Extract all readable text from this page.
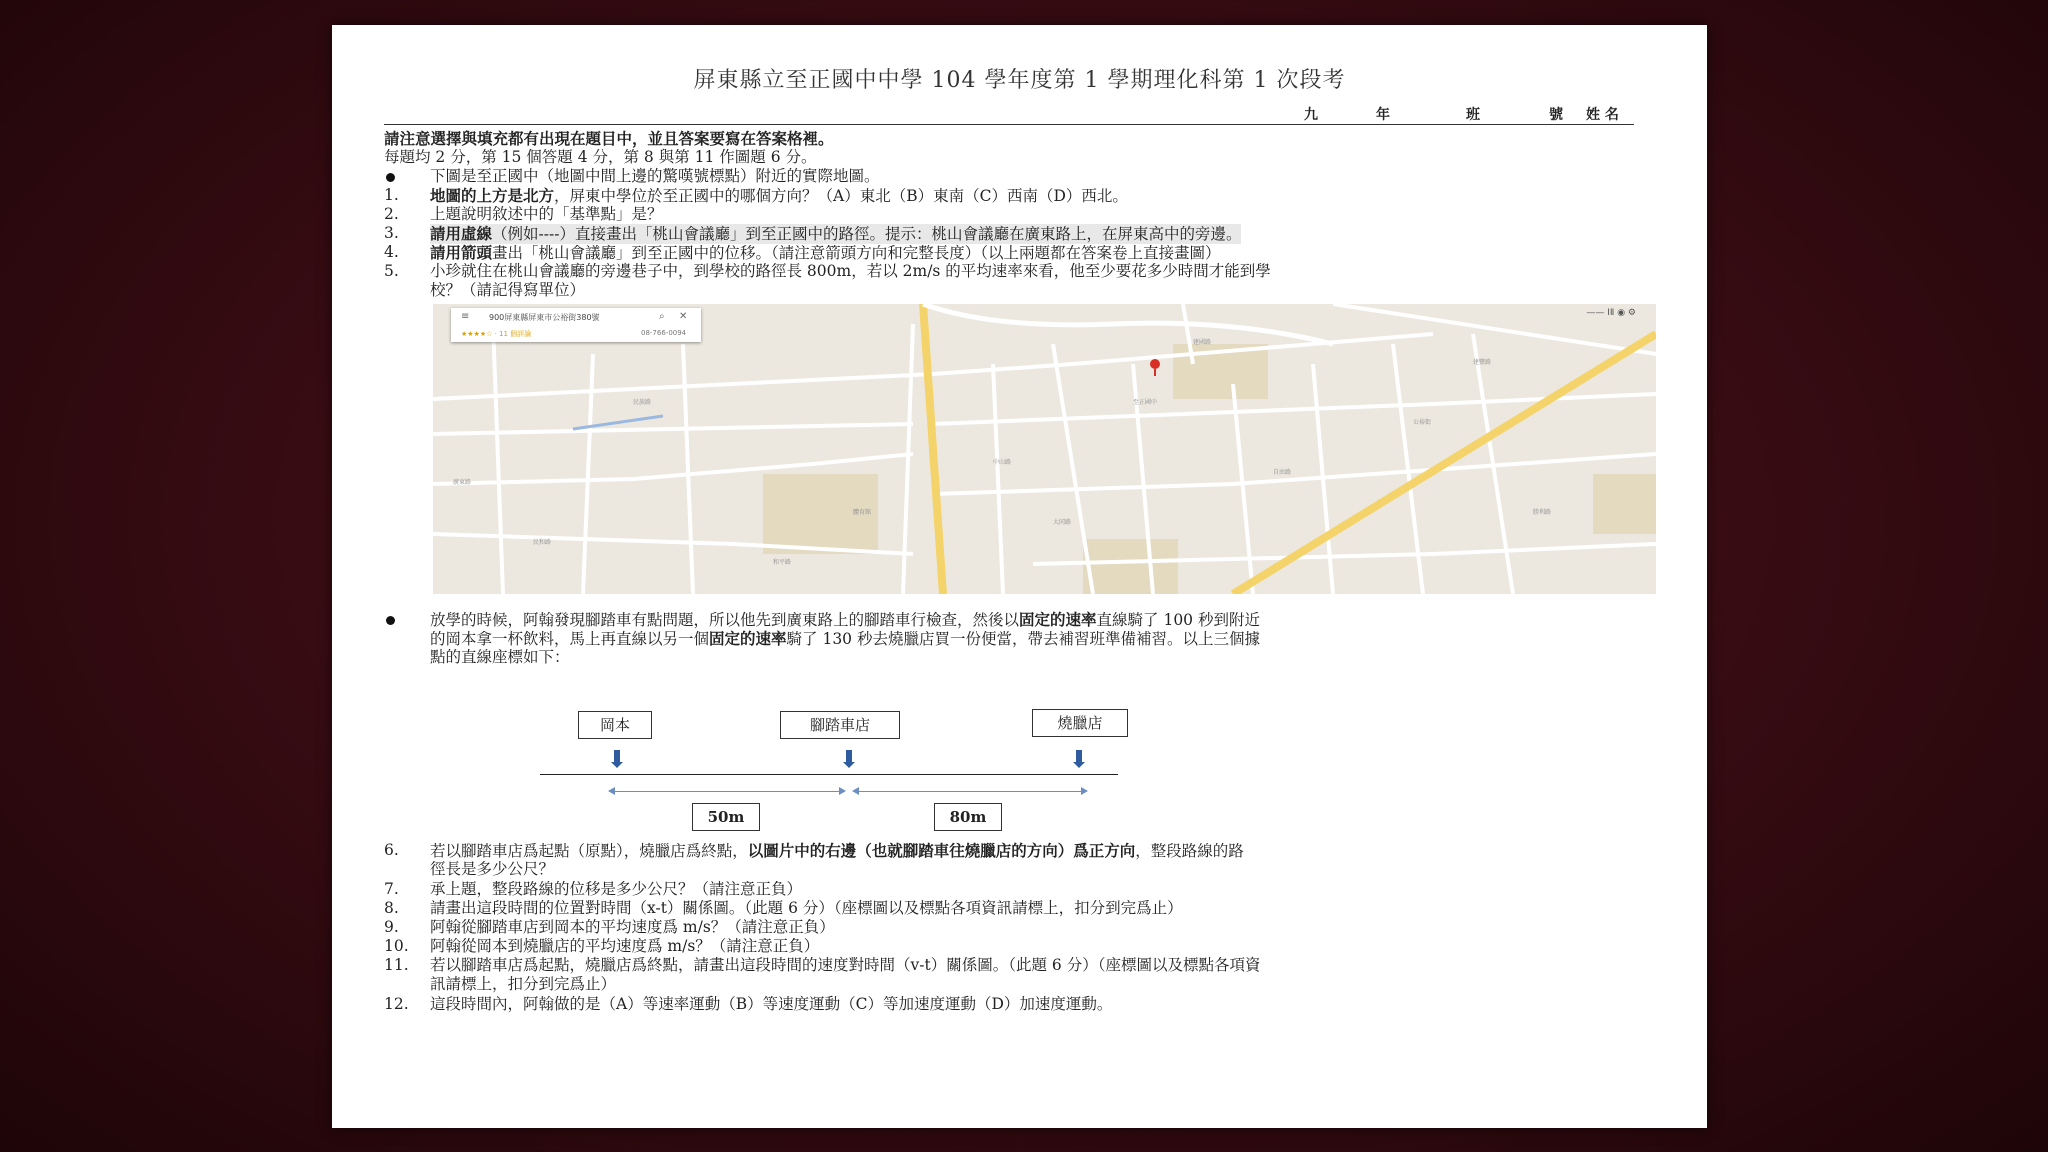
屏東縣立至正國中中學 104 學年度第 1 學期理化科第 1 次段考
九	年	班	號 姓 名
請注意選擇與填充都有出現在題目中，並且答案要寫在答案格裡。
每題均 2 分，第 15 個答題 4 分，第 8 與第 11 作圖題 6 分。
下圖是至正國中（地圖中間上邊的驚嘆號標點）附近的實際地圖。
1. 地圖的上方是北方，屏東中學位於至正國中的哪個方向？（A）東北（B）東南（C）西南（D）西北。
2. 上題說明敘述中的「基準點」是？
3. 請用虛線（例如----）直接畫出「桃山會議廳」到至正國中的路徑。提示：桃山會議廳在廣東路上，在屏東高中的旁邊。
4. 請用箭頭畫出「桃山會議廳」到至正國中的位移。（請注意箭頭方向和完整長度）（以上兩題都在答案卷上直接畫圖）
5. 小珍就住在桃山會議廳的旁邊巷子中，到學校的路徑長 800m，若以 2m/s 的平均速率來看，他至少要花多少時間才能到學
校？（請記得寫單位）
廣東路
民和路
體育館
中山路
至正國中
自由路
公裕街
勝利路
民族路
建國路
和平路
建豐路
大同路
≡ 900屏東縣屏東市公裕街380號	⌕ ✕
★★★★☆ · 11 個評論	08-766-0094
—— ⅠⅡ ◉ ⚙
放學的時候，阿翰發現腳踏車有點問題，所以他先到廣東路上的腳踏車行檢查，然後以固定的速率直線騎了 100 秒到附近
的岡本拿一杯飲料，馬上再直線以另一個固定的速率騎了 130 秒去燒臘店買一份便當，帶去補習班準備補習。以上三個據
點的直線座標如下：
岡本	腳踏車店	燒臘店
50m	80m
6. 若以腳踏車店爲起點（原點），燒臘店爲終點，以圖片中的右邊（也就腳踏車往燒臘店的方向）爲正方向，整段路線的路
徑長是多少公尺？
7. 承上題，整段路線的位移是多少公尺？（請注意正負）
8. 請畫出這段時間的位置對時間（x-t）關係圖。（此題 6 分）（座標圖以及標點各項資訊請標上，扣分到完爲止）
9. 阿翰從腳踏車店到岡本的平均速度爲 m/s？（請注意正負）
10. 阿翰從岡本到燒臘店的平均速度爲 m/s？（請注意正負）
11. 若以腳踏車店爲起點，燒臘店爲終點，請畫出這段時間的速度對時間（v-t）關係圖。（此題 6 分）（座標圖以及標點各項資
訊請標上，扣分到完爲止）
12. 這段時間內，阿翰做的是（A）等速率運動（B）等速度運動（C）等加速度運動（D）加速度運動。
